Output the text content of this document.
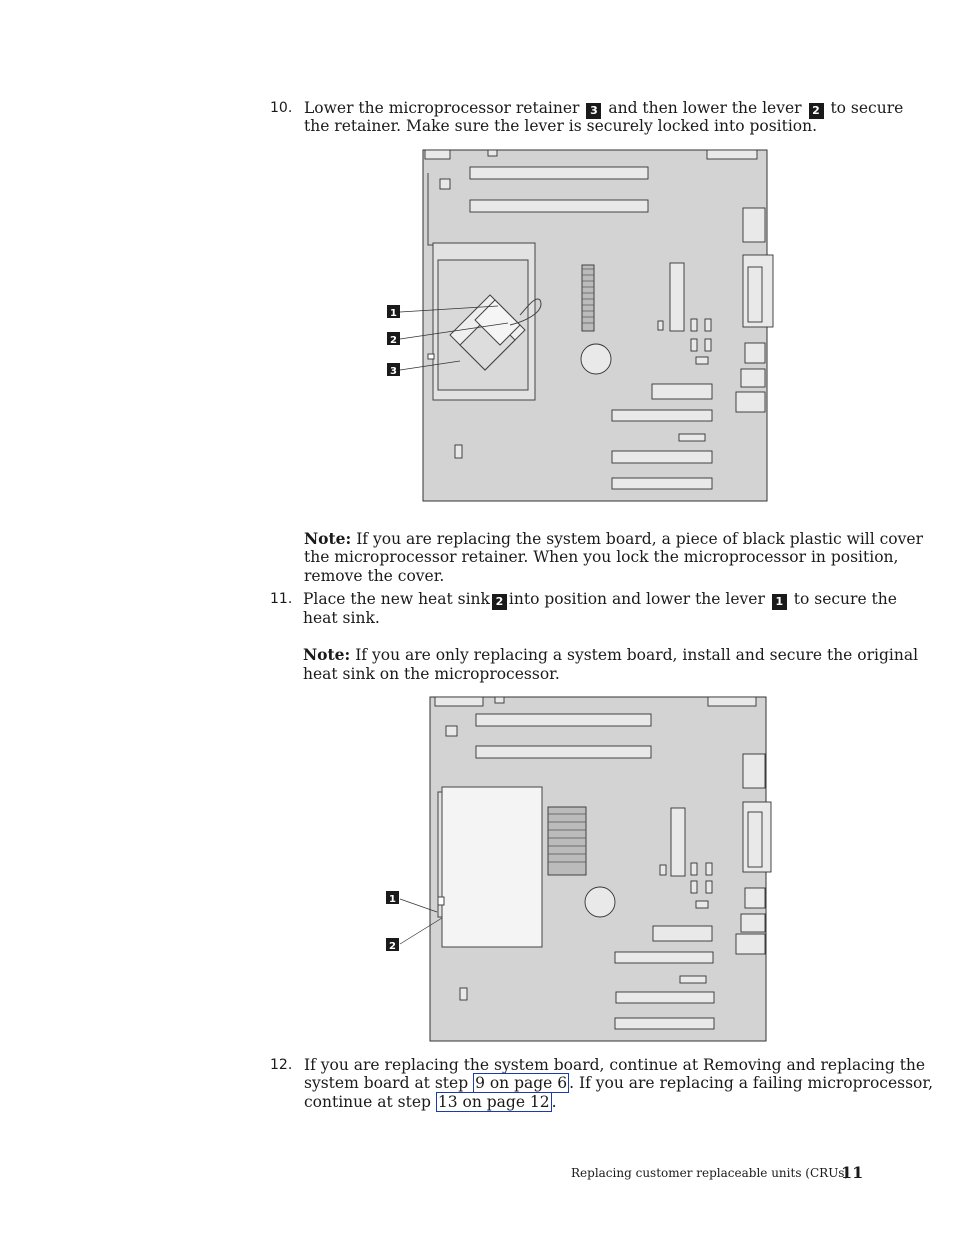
10. Lower the microprocessor retainer 3 and then lower the lever 2 to secure
the retainer. Make sure the lever is securely locked into position.
1
2
3
Note: If you are replacing the system board, a piece of black plastic will cover
the microprocessor retainer. When you lock the microprocessor in position,
remove the cover.
11. Place the new heat sink 2 into position and lower the lever 1 to secure the
heat sink.
Note: If you are only replacing a system board, install and secure the original
heat sink on the microprocessor.
1
2
12. If you are replacing the system board, continue at Removing and replacing the
system board at step 9 on page 6 . If you are replacing a failing microprocessor,
continue at step 13 on page 12 .
Replacing customer replaceable units (CRUs)
11
